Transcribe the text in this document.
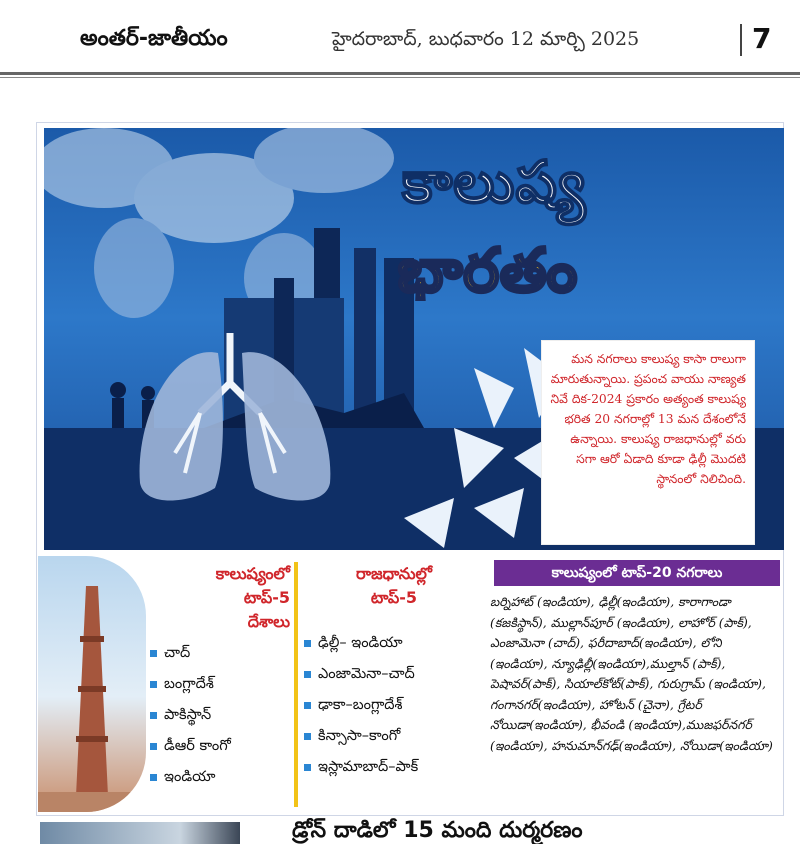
అంతర్‌-జాతీయం	హైదరాబాద్‌, బుధవారం 12 మార్చి 2025	7
కాలుష్య
భారతం
మన నగరాలు కాలుష్య కాసా రాలుగా మారుతున్నాయి. ప్రపంచ వాయు నాణ్యత నివే దిక-2024 ప్రకారం అత్యంత కాలుష్య భరిత 20 నగరాల్లో 13 మన దేశంలోనే ఉన్నాయి. కాలుష్య రాజధానుల్లో వరు సగా ఆరో ఏడాది కూడా ఢిల్లీ మొదటి స్థానంలో నిలిచింది.
కాలుష్యంలో
టాప్‌-5
దేశాలు
చాద్‌
బంగ్లాదేశ్‌
పాకిస్థాన్‌
డీఆర్‌ కాంగో
ఇండియా
రాజధానుల్లో
టాప్‌-5
ఢిల్లీ– ఇండియా
ఎంజామెనా–చాద్‌
ఢాకా–బంగ్లాదేశ్‌
కిన్సాసా–కాంగో
ఇస్లామాబాద్‌–పాక్‌
కాలుష్యంలో టాప్‌-20 నగరాలు
బర్నిహాట్‌ (ఇండియా), ఢిల్లీ(ఇండియా), కారాగాండా (కజకిస్థాన్‌), ముల్లాన్‌పూర్‌ (ఇండియా), లాహోర్‌ (పాక్‌), ఎంజామెనా (చాద్‌), ఫరీదాబాద్‌(ఇండియా), లోని (ఇండియా), న్యూఢిల్లీ(ఇండియా),ముల్తాన్‌ (పాక్‌), పెషావర్‌(పాక్‌), సియాల్‌కోట్‌(పాక్‌), గురుగ్రామ్‌ (ఇండియా), గంగానగర్‌(ఇండియా), హోటన్‌ (చైనా), గ్రేటర్‌ నోయిడా(ఇండియా), భీవండి (ఇండియా),ముజఫర్‌నగర్‌ (ఇండియా), హనుమాన్‌గఢ్‌(ఇండియా), నోయిడా(ఇండియా)
డ్రోన్‌ దాడిలో 15 మంది దుర్మరణం
